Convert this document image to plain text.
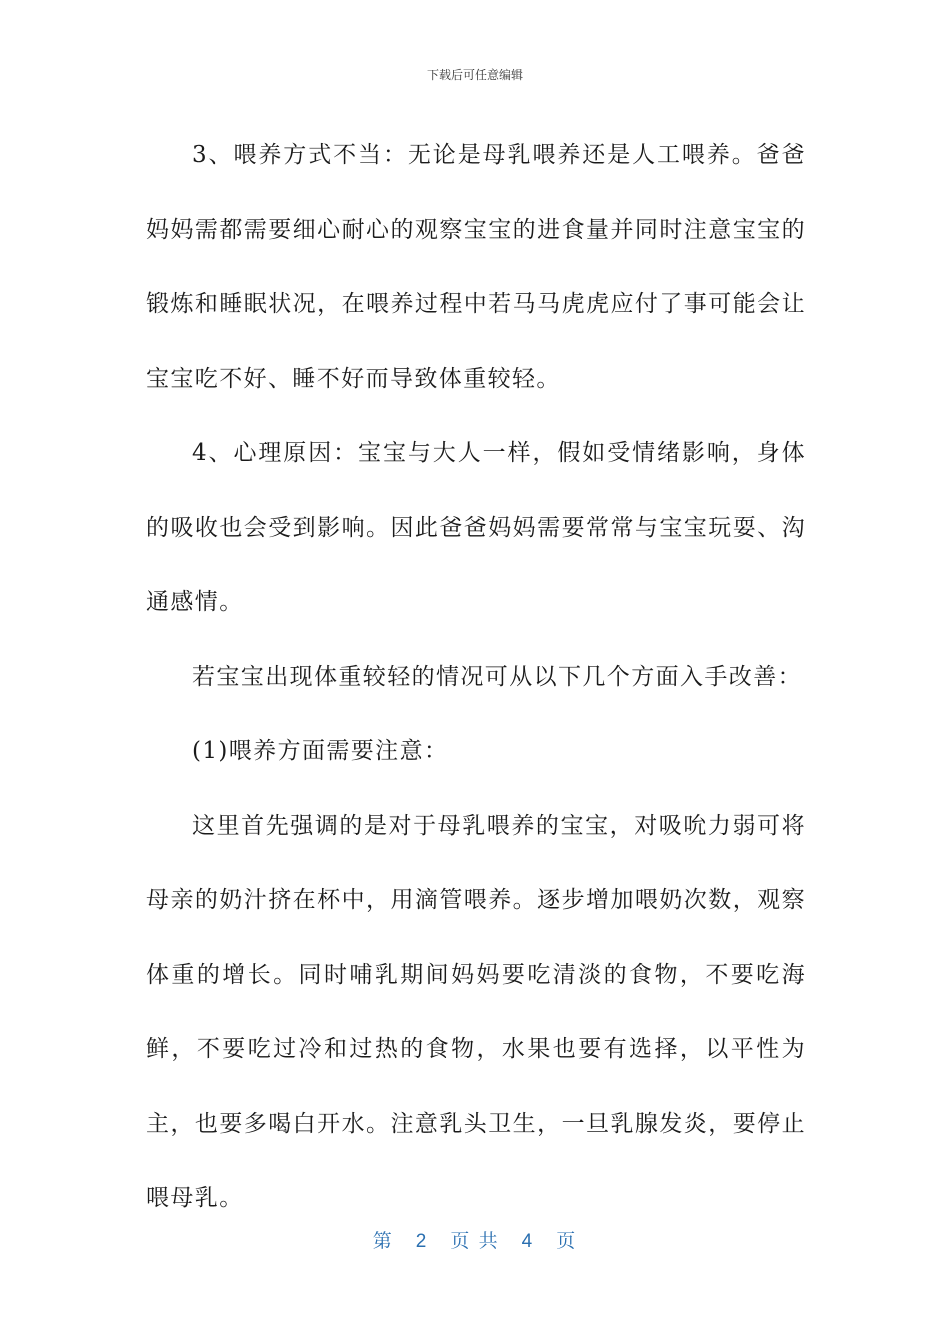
下载后可任意编辑

3、喂养方式不当：无论是母乳喂养还是人工喂养。爸爸妈妈需都需要细心耐心的观察宝宝的进食量并同时注意宝宝的锻炼和睡眠状况，在喂养过程中若马马虎虎应付了事可能会让宝宝吃不好、睡不好而导致体重较轻。

4、心理原因：宝宝与大人一样，假如受情绪影响，身体的吸收也会受到影响。因此爸爸妈妈需要常常与宝宝玩耍、沟通感情。

若宝宝出现体重较轻的情况可从以下几个方面入手改善：

(1)喂养方面需要注意：

这里首先强调的是对于母乳喂养的宝宝，对吸吮力弱可将母亲的奶汁挤在杯中，用滴管喂养。逐步增加喂奶次数，观察体重的增长。同时哺乳期间妈妈要吃清淡的食物，不要吃海鲜，不要吃过冷和过热的食物，水果也要有选择，以平性为主，也要多喝白开水。注意乳头卫生，一旦乳腺发炎，要停止喂母乳。

第 2 页 共 4 页
